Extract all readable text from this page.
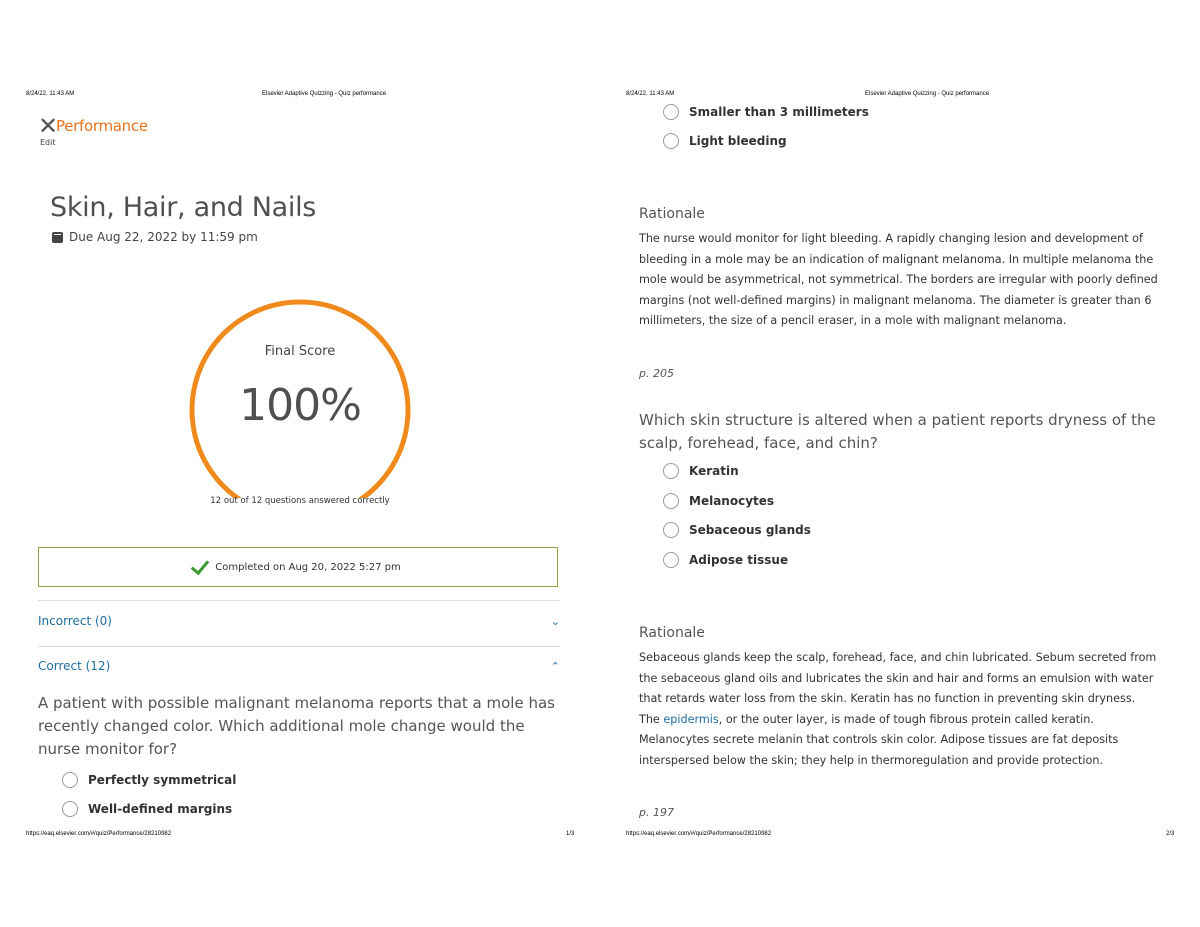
8/24/22, 11:43 AM	Elsevier Adaptive Quizzing - Quiz performance
✕
Performance
Edit
Skin, Hair, and Nails
Due Aug 22, 2022 by 11:59 pm
Final Score
100%
12 out of 12 questions answered correctly
Completed on Aug 20, 2022 5:27 pm
Incorrect (0)	⌄
Correct (12)	⌃
A patient with possible malignant melanoma reports that a mole has recently changed color. Which additional mole change would the nurse monitor for?
Perfectly symmetrical
Well-defined margins
https://eaq.elsevier.com/#/quiz/Performance/28210982	1/3
8/24/22, 11:43 AM	Elsevier Adaptive Quizzing - Quiz performance
Smaller than 3 millimeters
Light bleeding
Rationale
The nurse would monitor for light bleeding. A rapidly changing lesion and development of bleeding in a mole may be an indication of malignant melanoma. In multiple melanoma the mole would be asymmetrical, not symmetrical. The borders are irregular with poorly defined margins (not well-defined margins) in malignant melanoma. The diameter is greater than 6 millimeters, the size of a pencil eraser, in a mole with malignant melanoma.
p. 205
Which skin structure is altered when a patient reports dryness of the scalp, forehead, face, and chin?
Keratin
Melanocytes
Sebaceous glands
Adipose tissue
Rationale
Sebaceous glands keep the scalp, forehead, face, and chin lubricated. Sebum secreted from the sebaceous gland oils and lubricates the skin and hair and forms an emulsion with water that retards water loss from the skin. Keratin has no function in preventing skin dryness. The epidermis, or the outer layer, is made of tough fibrous protein called keratin. Melanocytes secrete melanin that controls skin color. Adipose tissues are fat deposits interspersed below the skin; they help in thermoregulation and provide protection.
p. 197
https://eaq.elsevier.com/#/quiz/Performance/28210982	2/3
